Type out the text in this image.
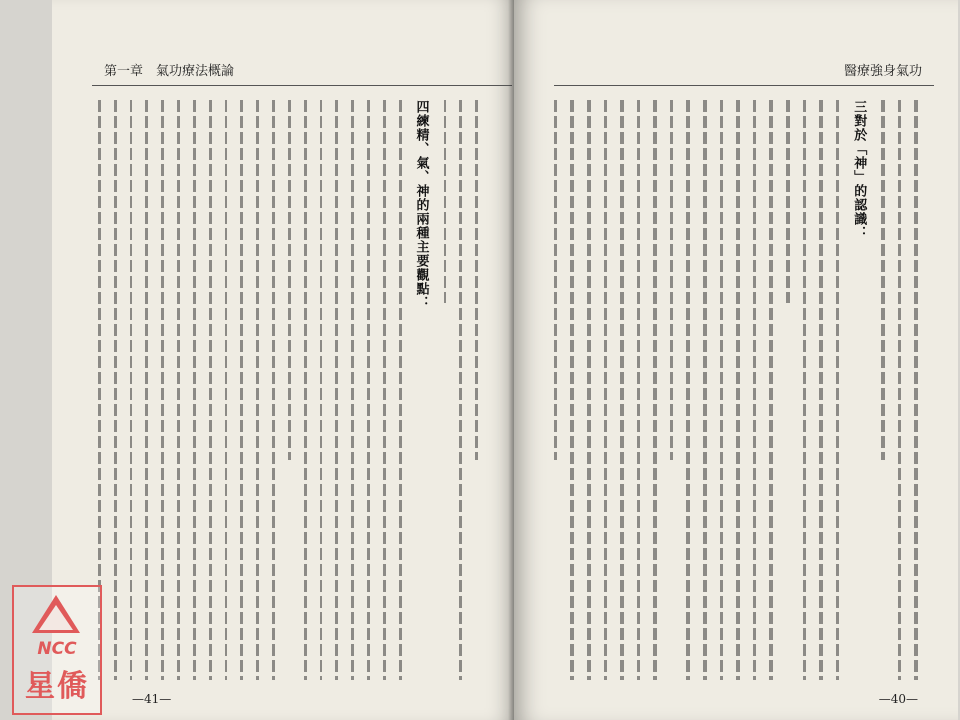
第一章　氣功療法概論
四練精、氣、神的兩種主要觀點：
—41—
醫療強身氣功
三對於「神」的認識：
—40—
NCC
星僑
